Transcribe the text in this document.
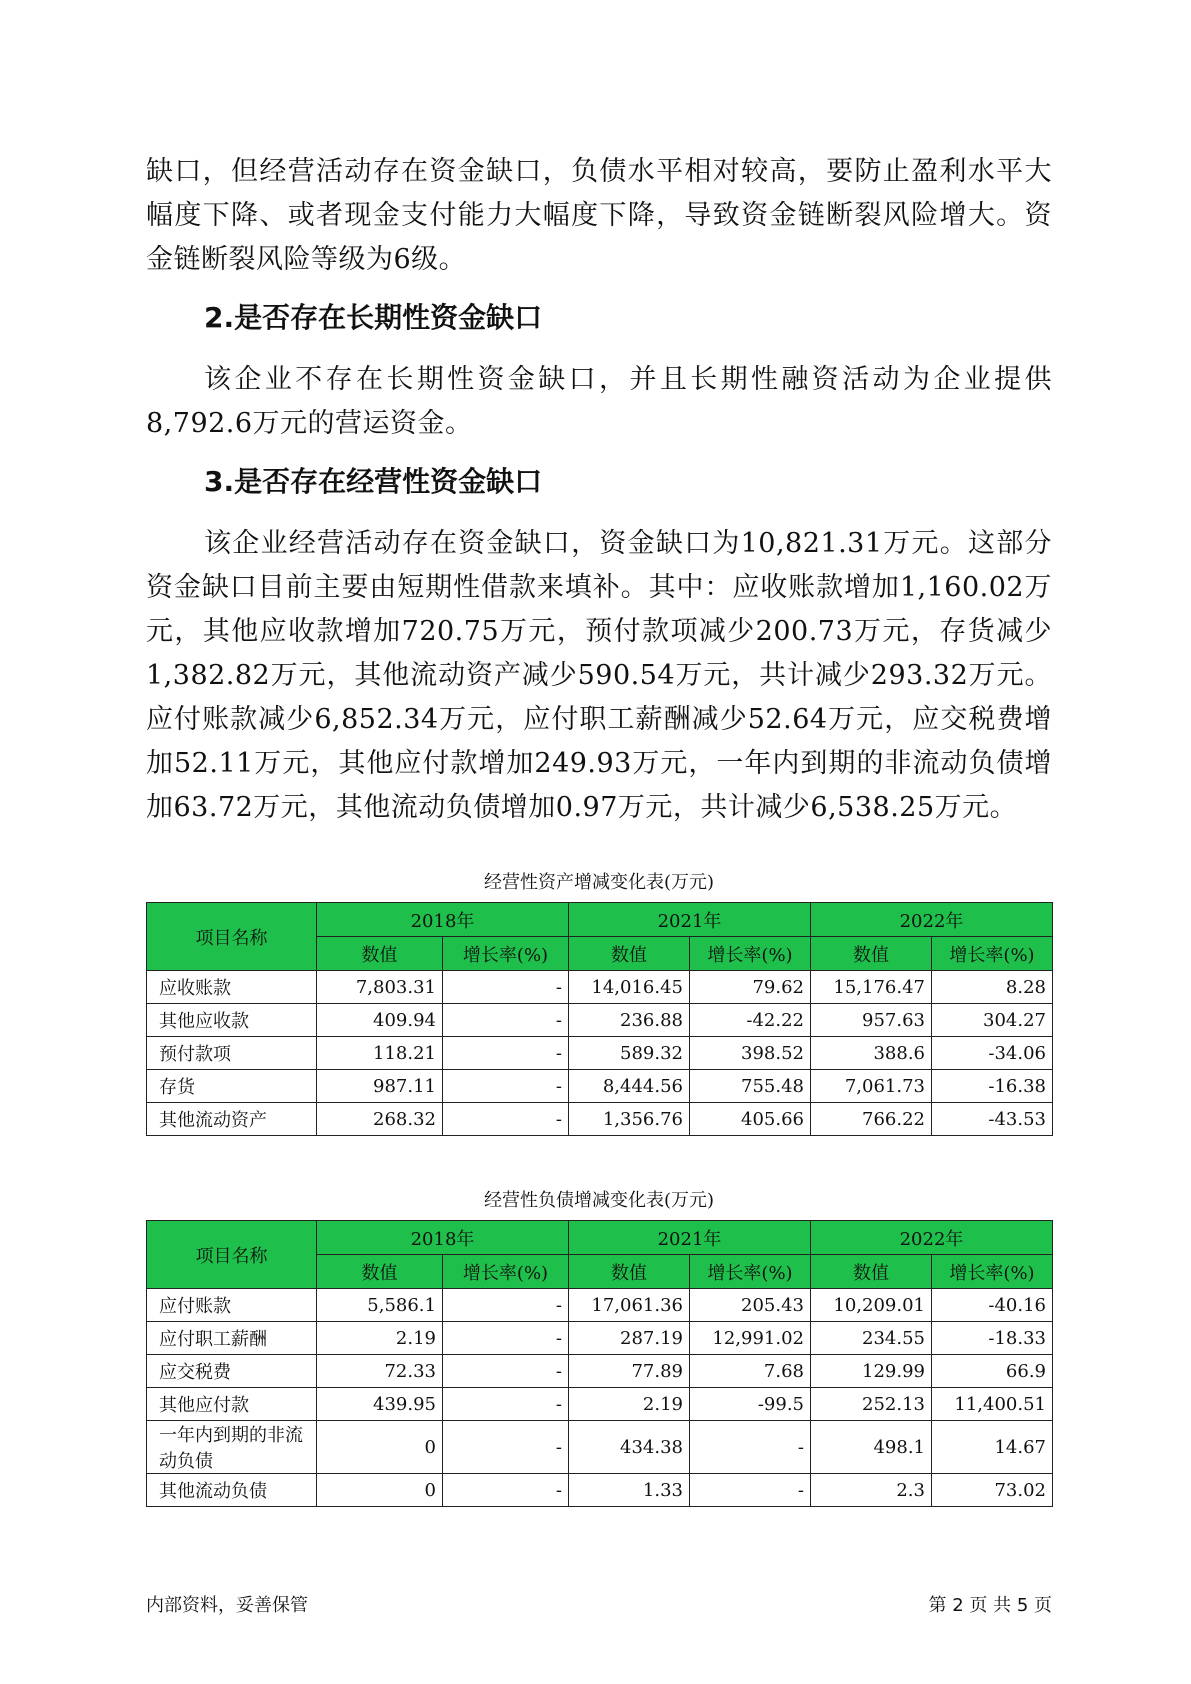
缺口，但经营活动存在资金缺口，负债水平相对较高，要防止盈利水平大幅度下降、或者现金支付能力大幅度下降，导致资金链断裂风险增大。资金链断裂风险等级为6级。

2.是否存在长期性资金缺口

该企业不存在长期性资金缺口，并且长期性融资活动为企业提供8,792.6万元的营运资金。

3.是否存在经营性资金缺口

该企业经营活动存在资金缺口，资金缺口为10,821.31万元。这部分资金缺口目前主要由短期性借款来填补。其中：应收账款增加1,160.02万元，其他应收款增加720.75万元，预付款项减少200.73万元，存货减少1,382.82万元，其他流动资产减少590.54万元，共计减少293.32万元。应付账款减少6,852.34万元，应付职工薪酬减少52.64万元，应交税费增加52.11万元，其他应付款增加249.93万元，一年内到期的非流动负债增加63.72万元，其他流动负债增加0.97万元，共计减少6,538.25万元。

经营性资产增减变化表(万元)

项目名称	2018年		2021年		2022年	
	数值	增长率(%)	数值	增长率(%)	数值	增长率(%)
应收账款	7,803.31	-	14,016.45	79.62	15,176.47	8.28
其他应收款	409.94	-	236.88	-42.22	957.63	304.27
预付款项	118.21	-	589.32	398.52	388.6	-34.06
存货	987.11	-	8,444.56	755.48	7,061.73	-16.38
其他流动资产	268.32	-	1,356.76	405.66	766.22	-43.53

经营性负债增减变化表(万元)

项目名称	2018年		2021年		2022年	
	数值	增长率(%)	数值	增长率(%)	数值	增长率(%)
应付账款	5,586.1	-	17,061.36	205.43	10,209.01	-40.16
应付职工薪酬	2.19	-	287.19	12,991.02	234.55	-18.33
应交税费	72.33	-	77.89	7.68	129.99	66.9
其他应付款	439.95	-	2.19	-99.5	252.13	11,400.51
一年内到期的非流动负债	0	-	434.38	-	498.1	14.67
其他流动负债	0	-	1.33	-	2.3	73.02
内部资料，妥善保管	第 2 页 共 5 页
